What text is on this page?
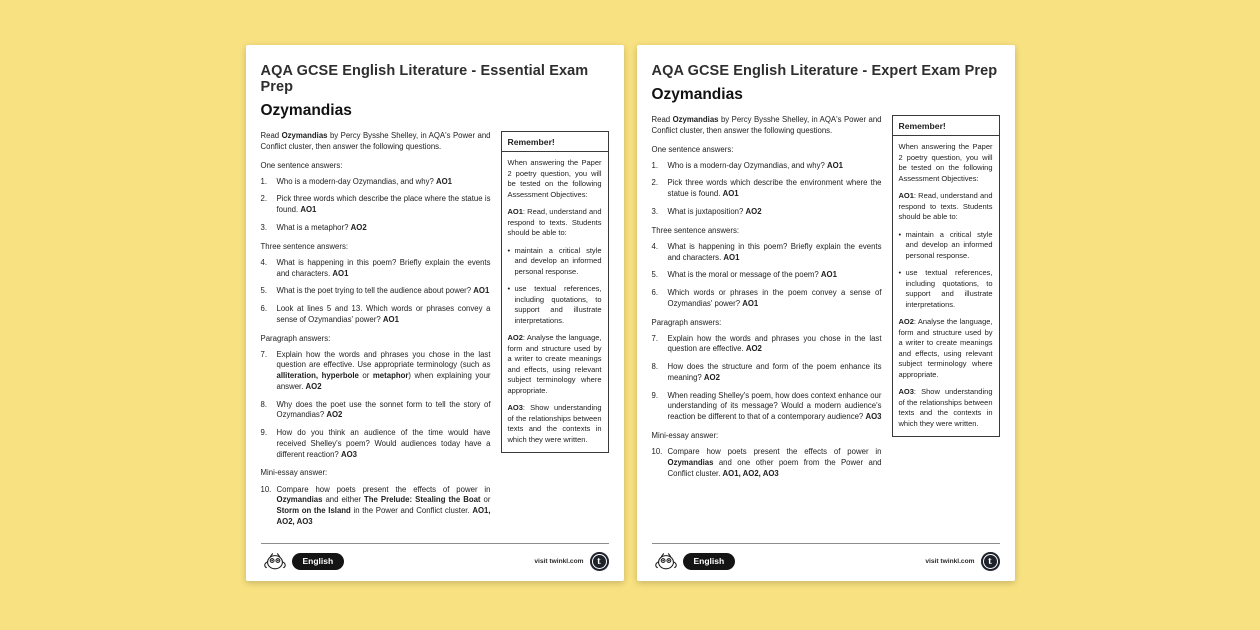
AQA GCSE English Literature - Essential Exam Prep
Ozymandias

Read Ozymandias by Percy Bysshe Shelley, in AQA's Power and Conflict cluster, then answer the following questions.

One sentence answers:
1.	Who is a modern-day Ozymandias, and why? AO1
2.	Pick three words which describe the place where the statue is found. AO1
3.	What is a metaphor? AO2
Three sentence answers:
4.	What is happening in this poem? Briefly explain the events and characters. AO1
5.	What is the poet trying to tell the audience about power? AO1
6.	Look at lines 5 and 13. Which words or phrases convey a sense of Ozymandias' power? AO1
Paragraph answers:
7.	Explain how the words and phrases you chose in the last question are effective. Use appropriate terminology (such as alliteration, hyperbole or metaphor) when explaining your answer. AO2
8.	Why does the poet use the sonnet form to tell the story of Ozymandias? AO2
9.	How do you think an audience of the time would have received Shelley's poem? Would audiences today have a different reaction? AO3
Mini-essay answer:
10. Compare how poets present the effects of power in Ozymandias and either The Prelude: Stealing the Boat or Storm on the Island in the Power and Conflict cluster. AO1, AO2, AO3
Remember!
When answering the Paper 2 poetry question, you will be tested on the following Assessment Objectives:
AO1: Read, understand and respond to texts. Students should be able to:
• maintain a critical style and develop an informed personal response.
• use textual references, including quotations, to support and illustrate interpretations.
AO2: Analyse the language, form and structure used by a writer to create meanings and effects, using relevant subject terminology where appropriate.
AO3: Show understanding of the relationships between texts and the contexts in which they were written.
English	visit twinkl.com t
AQA GCSE English Literature - Expert Exam Prep
Ozymandias

Read Ozymandias by Percy Bysshe Shelley, in AQA's Power and Conflict cluster, then answer the following questions.

One sentence answers:
1.	Who is a modern-day Ozymandias, and why? AO1
2.	Pick three words which describe the environment where the statue is found. AO1
3.	What is juxtaposition? AO2
Three sentence answers:
4.	What is happening in this poem? Briefly explain the events and characters. AO1
5.	What is the moral or message of the poem? AO1
6.	Which words or phrases in the poem convey a sense of Ozymandias' power? AO1
Paragraph answers:
7.	Explain how the words and phrases you chose in the last question are effective. AO2
8.	How does the structure and form of the poem enhance its meaning? AO2
9.	When reading Shelley's poem, how does context enhance our understanding of its message? Would a modern audience's reaction be different to that of a contemporary audience? AO3
Mini-essay answer:
10. Compare how poets present the effects of power in Ozymandias and one other poem from the Power and Conflict cluster. AO1, AO2, AO3
Remember!
When answering the Paper 2 poetry question, you will be tested on the following Assessment Objectives:
AO1: Read, understand and respond to texts. Students should be able to:
• maintain a critical style and develop an informed personal response.
• use textual references, including quotations, to support and illustrate interpretations.
AO2: Analyse the language, form and structure used by a writer to create meanings and effects, using relevant subject terminology where appropriate.
AO3: Show understanding of the relationships between texts and the contexts in which they were written.
English	visit twinkl.com t
